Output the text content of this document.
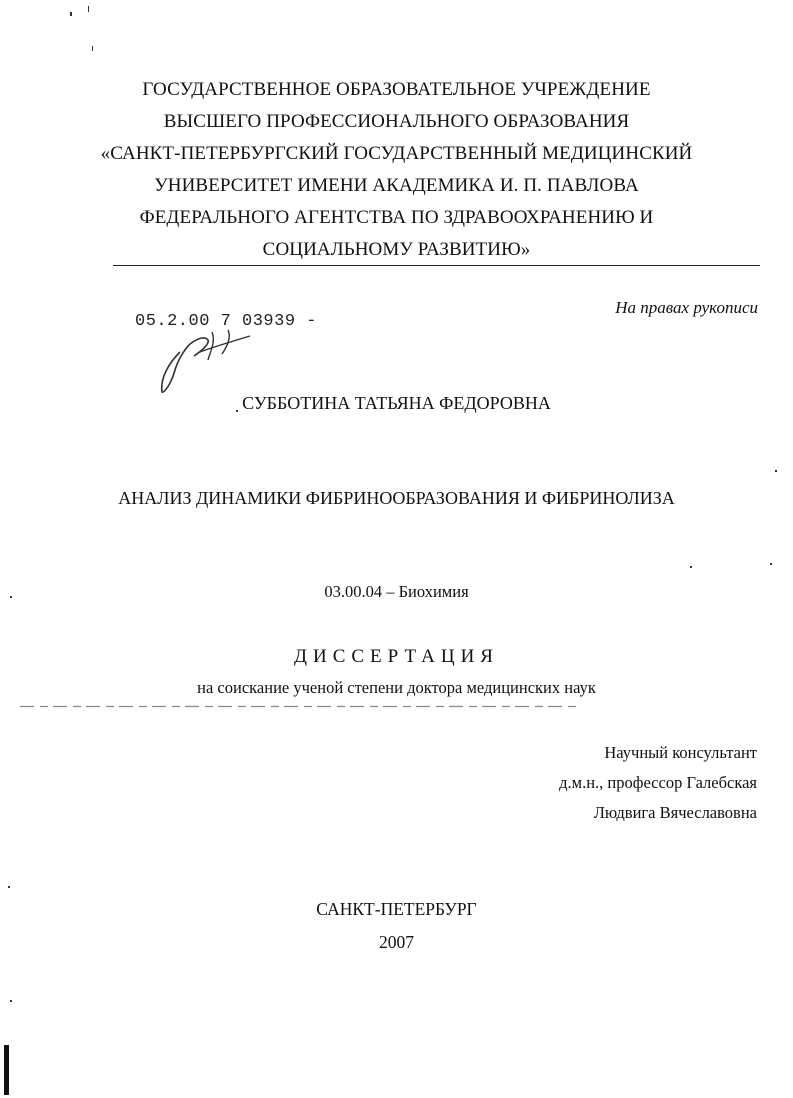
ГОСУДАРСТВЕННОЕ ОБРАЗОВАТЕЛЬНОЕ УЧРЕЖДЕНИЕ
ВЫСШЕГО ПРОФЕССИОНАЛЬНОГО ОБРАЗОВАНИЯ
«САНКТ-ПЕТЕРБУРГСКИЙ ГОСУДАРСТВЕННЫЙ МЕДИЦИНСКИЙ
УНИВЕРСИТЕТ ИМЕНИ АКАДЕМИКА И. П. ПАВЛОВА
ФЕДЕРАЛЬНОГО АГЕНТСТВА ПО ЗДРАВООХРАНЕНИЮ И
СОЦИАЛЬНОМУ РАЗВИТИЮ»
05.2.00 7 03939 -
На правах рукописи
СУББОТИНА ТАТЬЯНА ФЕДОРОВНА
АНАЛИЗ ДИНАМИКИ ФИБРИНООБРАЗОВАНИЯ И ФИБРИНОЛИЗА
03.00.04 – Биохимия
ДИССЕРТАЦИЯ
на соискание ученой степени доктора медицинских наук
Научный консультант
д.м.н., профессор Галебская
Людвига Вячеславовна
САНКТ-ПЕТЕРБУРГ
2007
